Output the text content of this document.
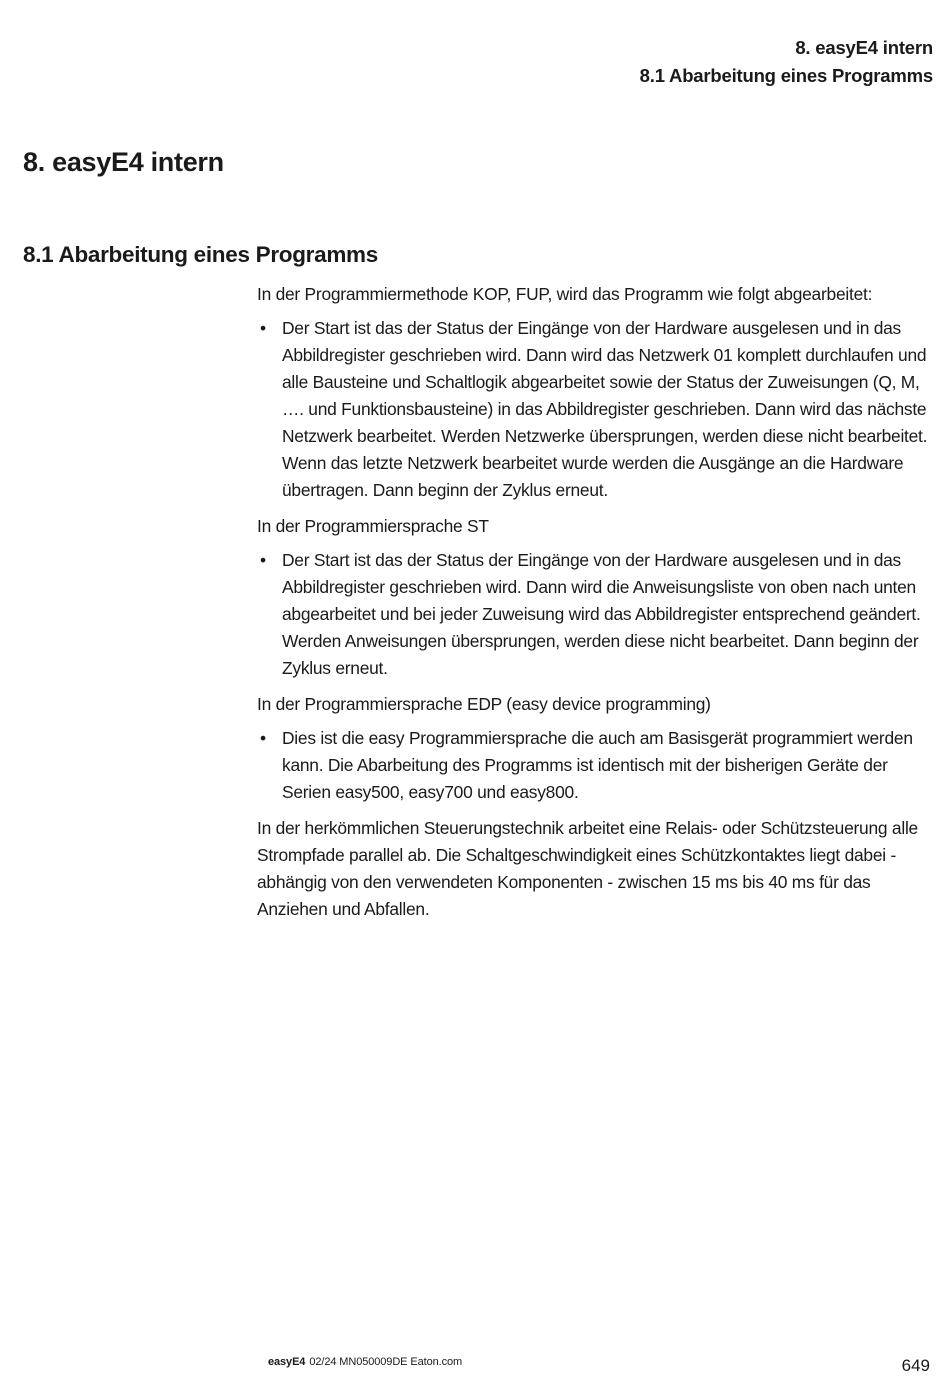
8. easyE4 intern
8.1 Abarbeitung eines Programms
8. easyE4 intern
8.1 Abarbeitung eines Programms

In der Programmiermethode KOP, FUP, wird das Programm wie folgt abgearbeitet:

• Der Start ist das der Status der Eingänge von der Hardware ausgelesen und in das Abbildregister geschrieben wird. Dann wird das Netzwerk 01 komplett durchlaufen und alle Bausteine und Schaltlogik abgearbeitet sowie der Status der Zuweisungen (Q, M, …. und Funktionsbausteine) in das Abbildregister geschrieben. Dann wird das nächste Netzwerk bearbeitet. Werden Netzwerke übersprungen, werden diese nicht bearbeitet. Wenn das letzte Netzwerk bearbeitet wurde werden die Ausgänge an die Hardware übertragen. Dann beginn der Zyklus erneut.

In der Programmiersprache ST

• Der Start ist das der Status der Eingänge von der Hardware ausgelesen und in das Abbildregister geschrieben wird. Dann wird die Anweisungsliste von oben nach unten abgearbeitet und bei jeder Zuweisung wird das Abbildregister entsprechend geändert. Werden Anweisungen übersprungen, werden diese nicht bearbeitet. Dann beginn der Zyklus erneut.

In der Programmiersprache EDP (easy device programming)

• Dies ist die easy Programmiersprache die auch am Basisgerät programmiert werden kann. Die Abarbeitung des Programms ist identisch mit der bisherigen Geräte der Serien easy500, easy700 und easy800.

In der herkömmlichen Steuerungstechnik arbeitet eine Relais- oder Schützsteuerung alle Strompfade parallel ab. Die Schaltgeschwindigkeit eines Schützkontaktes liegt dabei - abhängig von den verwendeten Komponenten - zwischen 15 ms bis 40 ms für das Anziehen und Abfallen.

easyE4 02/24 MN050009DE Eaton.com	649
